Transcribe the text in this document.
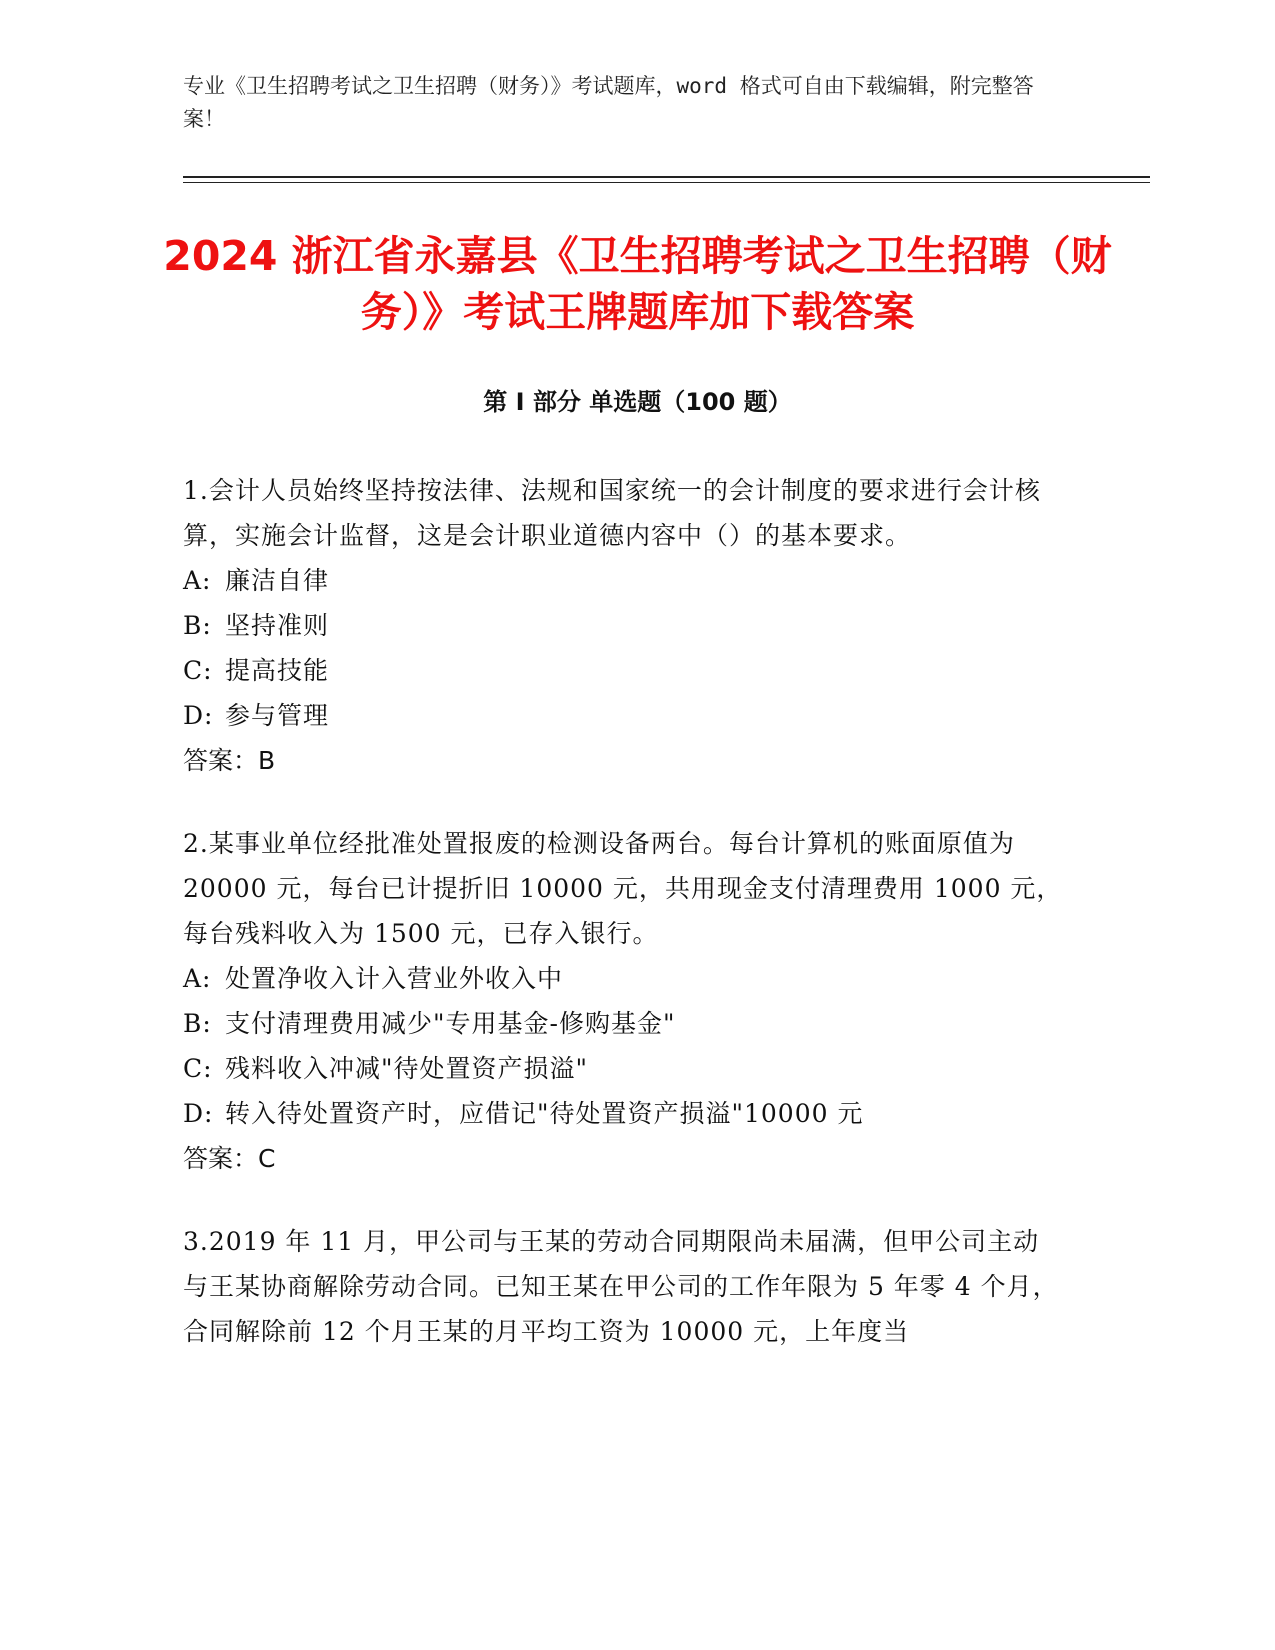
专业《卫生招聘考试之卫生招聘（财务）》考试题库，word 格式可自由下载编辑，附完整答案！
2024 浙江省永嘉县《卫生招聘考试之卫生招聘（财务）》考试王牌题库加下载答案
第 I 部分 单选题（100 题）
1.会计人员始终坚持按法律、法规和国家统一的会计制度的要求进行会计核算，实施会计监督，这是会计职业道德内容中（）的基本要求。
A: 廉洁自律
B: 坚持准则
C: 提高技能
D: 参与管理
答案：B
2.某事业单位经批准处置报废的检测设备两台。每台计算机的账面原值为 20000 元，每台已计提折旧 10000 元，共用现金支付清理费用 1000 元，每台残料收入为 1500 元，已存入银行。
A: 处置净收入计入营业外收入中
B: 支付清理费用减少"专用基金-修购基金"
C: 残料收入冲减"待处置资产损溢"
D: 转入待处置资产时，应借记"待处置资产损溢"10000 元
答案：C
3.2019 年 11 月，甲公司与王某的劳动合同期限尚未届满，但甲公司主动与王某协商解除劳动合同。已知王某在甲公司的工作年限为 5 年零 4 个月，合同解除前 12 个月王某的月平均工资为 10000 元，上年度当
